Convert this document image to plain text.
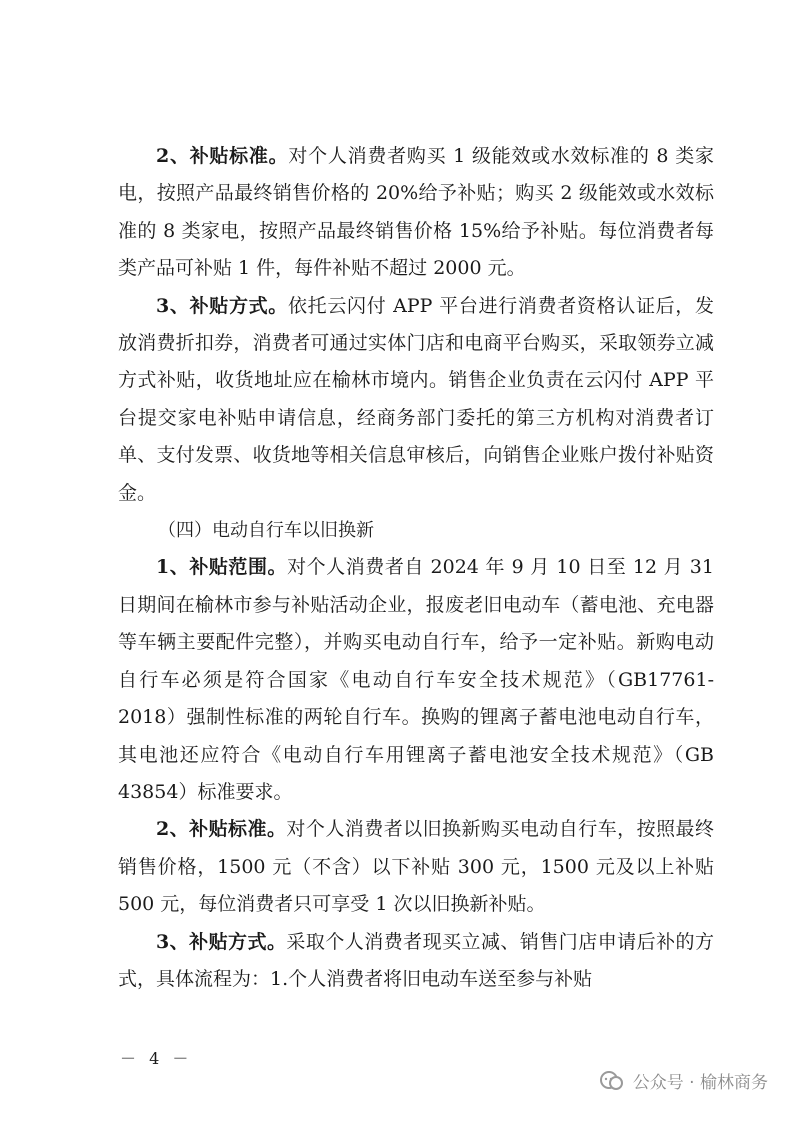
2、补贴标准。对个人消费者购买 1 级能效或水效标准的 8 类家电，按照产品最终销售价格的 20%给予补贴；购买 2 级能效或水效标准的 8 类家电，按照产品最终销售价格 15%给予补贴。每位消费者每类产品可补贴 1 件，每件补贴不超过 2000 元。

3、补贴方式。依托云闪付 APP 平台进行消费者资格认证后，发放消费折扣券，消费者可通过实体门店和电商平台购买，采取领券立减方式补贴，收货地址应在榆林市境内。销售企业负责在云闪付 APP 平台提交家电补贴申请信息，经商务部门委托的第三方机构对消费者订单、支付发票、收货地等相关信息审核后，向销售企业账户拨付补贴资金。

（四）电动自行车以旧换新

1、补贴范围。对个人消费者自 2024 年 9 月 10 日至 12 月 31 日期间在榆林市参与补贴活动企业，报废老旧电动车（蓄电池、充电器等车辆主要配件完整），并购买电动自行车，给予一定补贴。新购电动自行车必须是符合国家《电动自行车安全技术规范》（GB17761-2018）强制性标准的两轮自行车。换购的锂离子蓄电池电动自行车，其电池还应符合《电动自行车用锂离子蓄电池安全技术规范》（GB 43854）标准要求。

2、补贴标准。对个人消费者以旧换新购买电动自行车，按照最终销售价格，1500 元（不含）以下补贴 300 元，1500 元及以上补贴 500 元，每位消费者只可享受 1 次以旧换新补贴。

3、补贴方式。采取个人消费者现买立减、销售门店申请后补的方式，具体流程为：1.个人消费者将旧电动车送至参与补贴

－ 4 －
公众号 · 榆林商务
